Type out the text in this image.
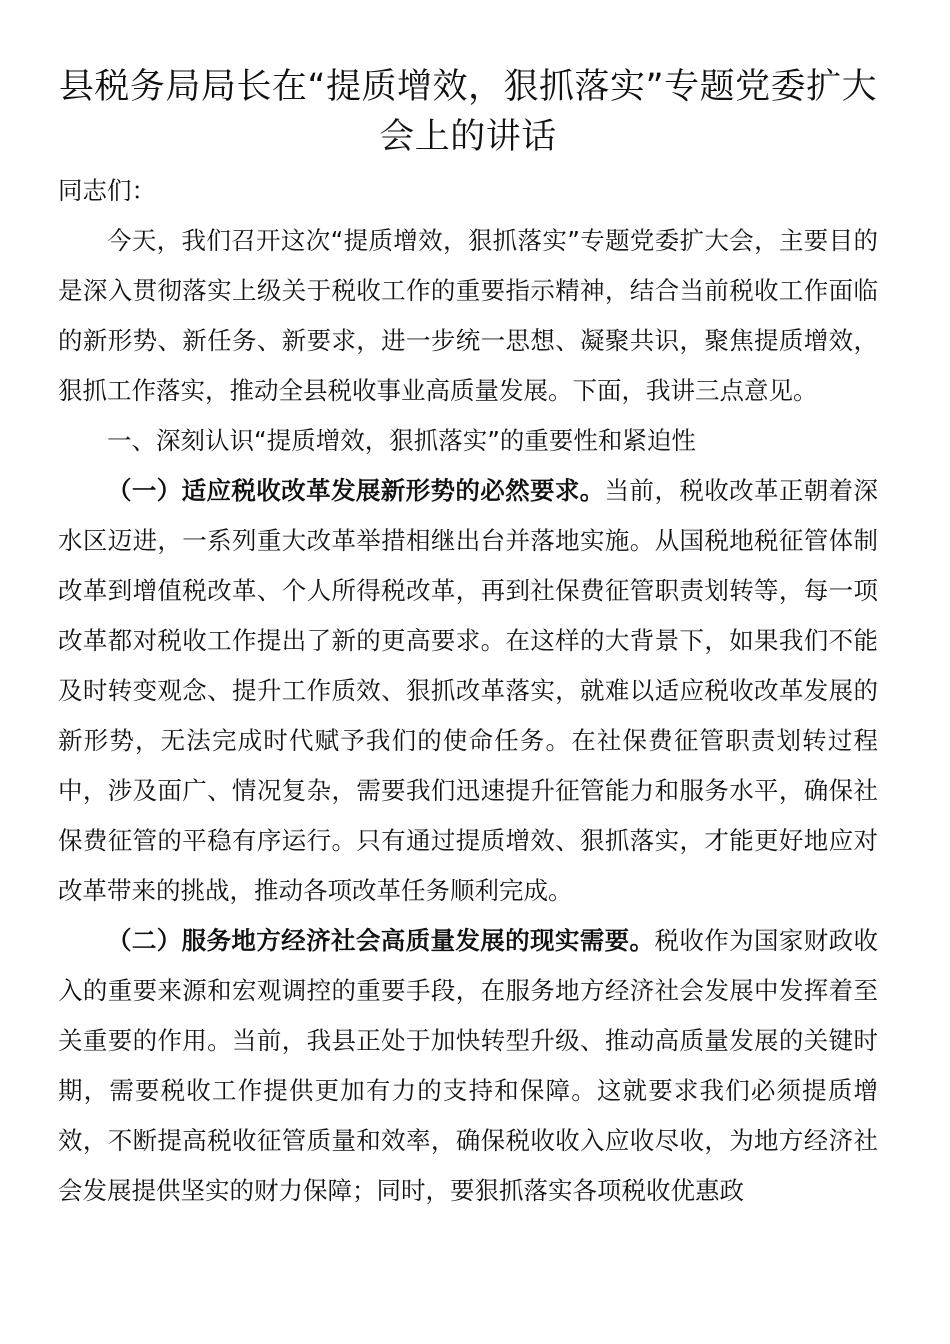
县税务局局长在“提质增效，狠抓落实”专题党委扩大会上的讲话

同志们：

今天，我们召开这次“提质增效，狠抓落实”专题党委扩大会，主要目的是深入贯彻落实上级关于税收工作的重要指示精神，结合当前税收工作面临的新形势、新任务、新要求，进一步统一思想、凝聚共识，聚焦提质增效，狠抓工作落实，推动全县税收事业高质量发展。下面，我讲三点意见。

一、深刻认识“提质增效，狠抓落实”的重要性和紧迫性

（一）适应税收改革发展新形势的必然要求。当前，税收改革正朝着深水区迈进，一系列重大改革举措相继出台并落地实施。从国税地税征管体制改革到增值税改革、个人所得税改革，再到社保费征管职责划转等，每一项改革都对税收工作提出了新的更高要求。在这样的大背景下，如果我们不能及时转变观念、提升工作质效、狠抓改革落实，就难以适应税收改革发展的新形势，无法完成时代赋予我们的使命任务。在社保费征管职责划转过程中，涉及面广、情况复杂，需要我们迅速提升征管能力和服务水平，确保社保费征管的平稳有序运行。只有通过提质增效、狠抓落实，才能更好地应对改革带来的挑战，推动各项改革任务顺利完成。

（二）服务地方经济社会高质量发展的现实需要。税收作为国家财政收入的重要来源和宏观调控的重要手段，在服务地方经济社会发展中发挥着至关重要的作用。当前，我县正处于加快转型升级、推动高质量发展的关键时期，需要税收工作提供更加有力的支持和保障。这就要求我们必须提质增效，不断提高税收征管质量和效率，确保税收收入应收尽收，为地方经济社会发展提供坚实的财力保障；同时，要狠抓落实各项税收优惠政
